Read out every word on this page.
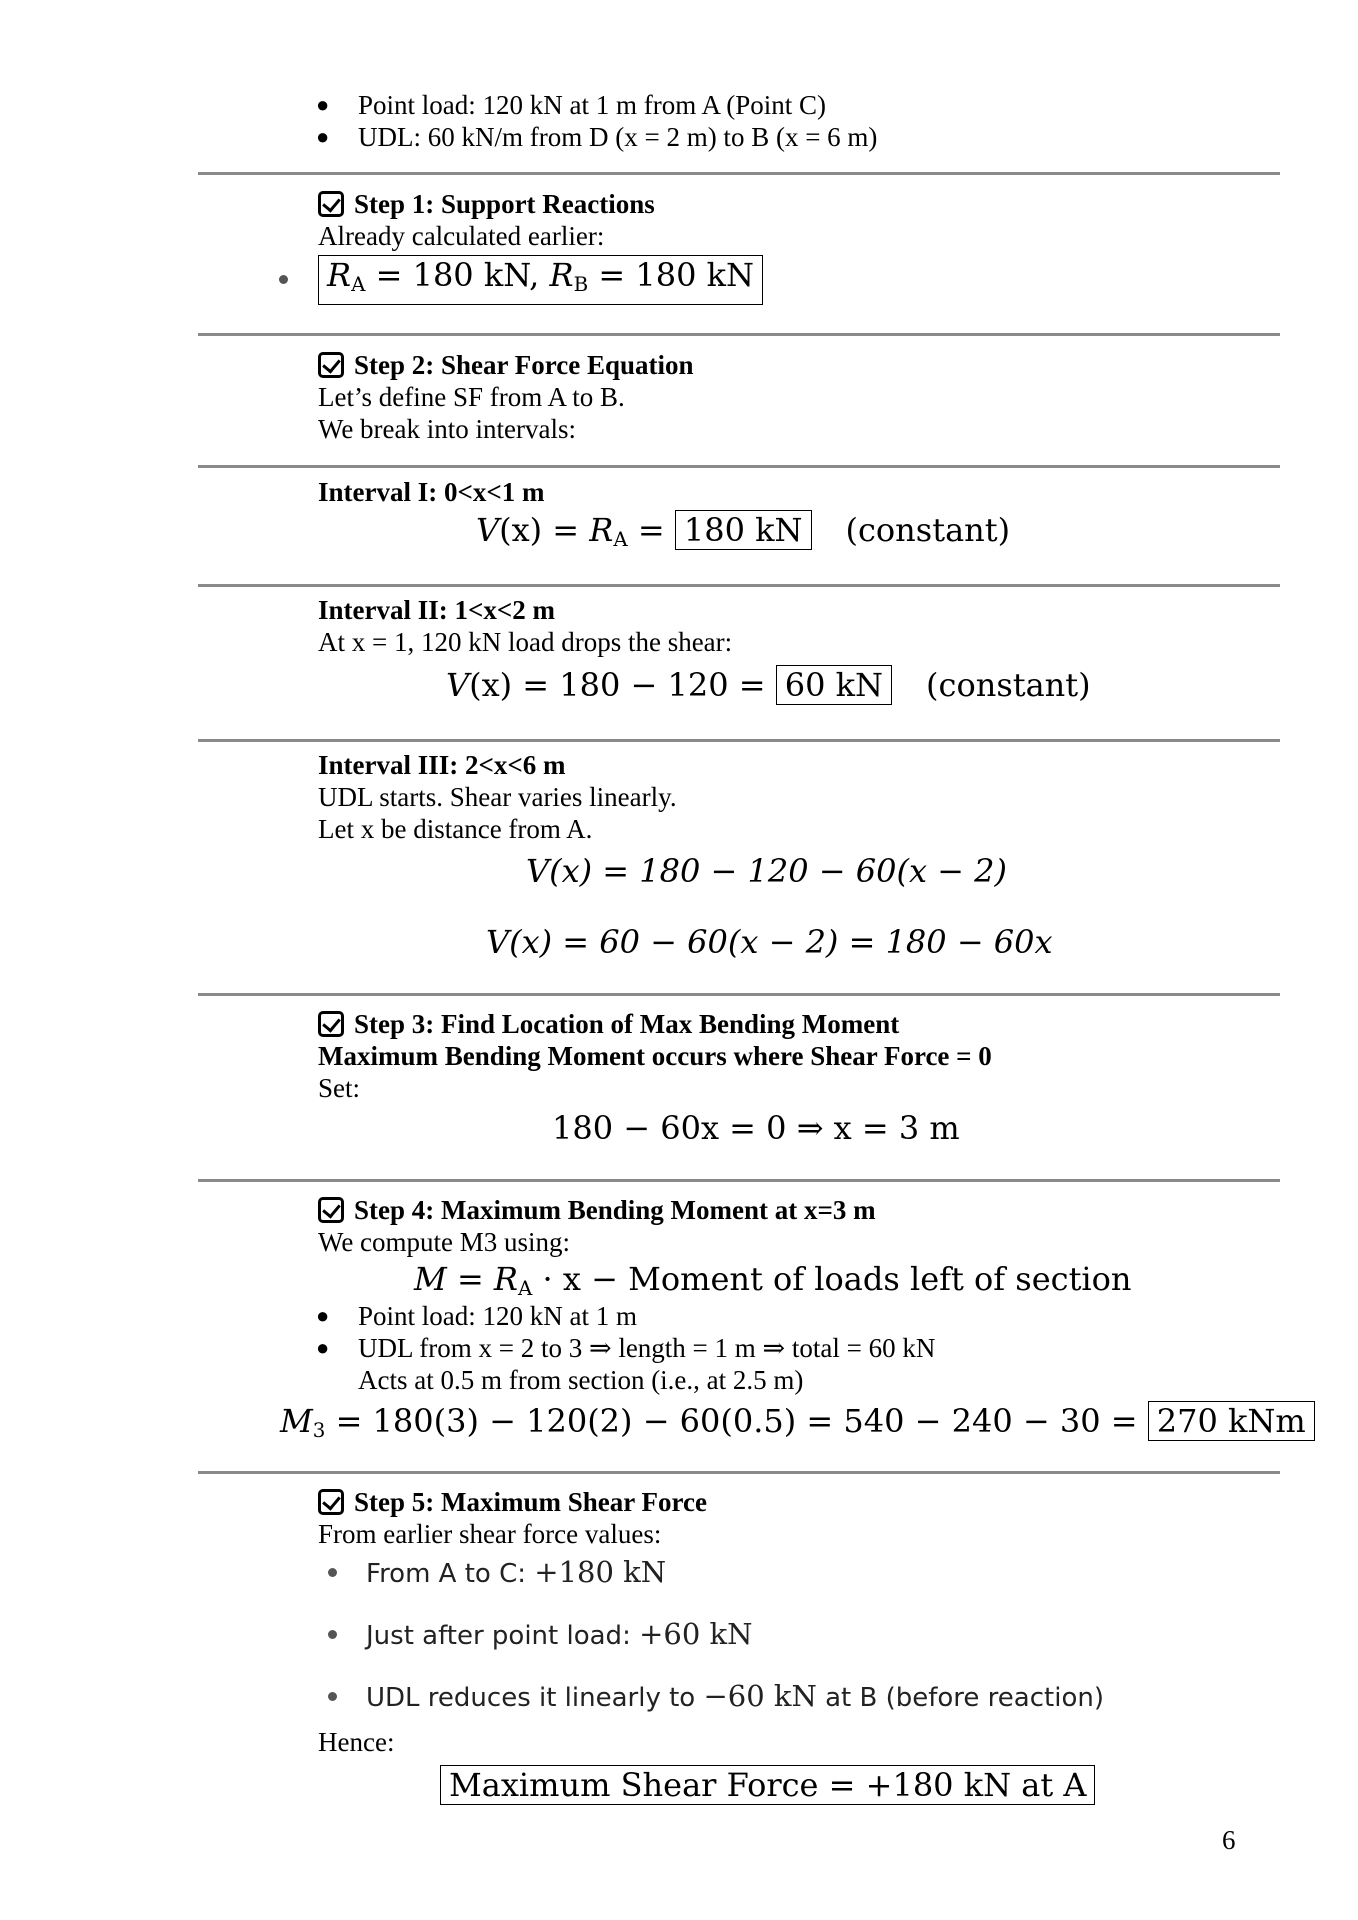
● Point load: 120 kN at 1 m from A (Point C)
● UDL: 60 kN/m from D (x = 2 m) to B (x = 6 m)
Step 1: Support Reactions
Already calculated earlier:
$R_A = 180$ kN, $R_B = 180$ kN
Step 2: Shear Force Equation
Let’s define SF from A to B.
We break into intervals:
Interval I: 0<x<1 m
$V(x) = R_A = 180$ kN (constant)
Interval II: 1<x<2 m
At x = 1, 120 kN load drops the shear:
V(x) = 180 − 120 = 60 kN (constant)
Interval III: 2<x<6 m
UDL starts. Shear varies linearly.
Let x be distance from A.
V(x) = 180 − 120 − 60(x − 2)
V(x) = 60 − 60(x − 2) = 180 − 60x
Step 3: Find Location of Max Bending Moment
Maximum Bending Moment occurs where Shear Force = 0
Set:
180 − 60x = 0 ⇒ x = 3 m
Step 4: Maximum Bending Moment at x=3 m
We compute M3 using:
$M = R_A \cdot x$ − Moment of loads left of section
● Point load: 120 kN at 1 m
● UDL from x = 2 to 3 ⇒ length = 1 m ⇒ total = 60 kN
Acts at 0.5 m from section (i.e., at 2.5 m)
$M_3 = 180(3) - 120(2) - 60(0.5) = 540 - 240 - 30 = 270$ kNm
Step 5: Maximum Shear Force
From earlier shear force values:
From A to C: +180 kN
Just after point load: +60 kN
UDL reduces it linearly to −60 kN at B (before reaction)
Hence:
Maximum Shear Force = +180 kN at A
6
